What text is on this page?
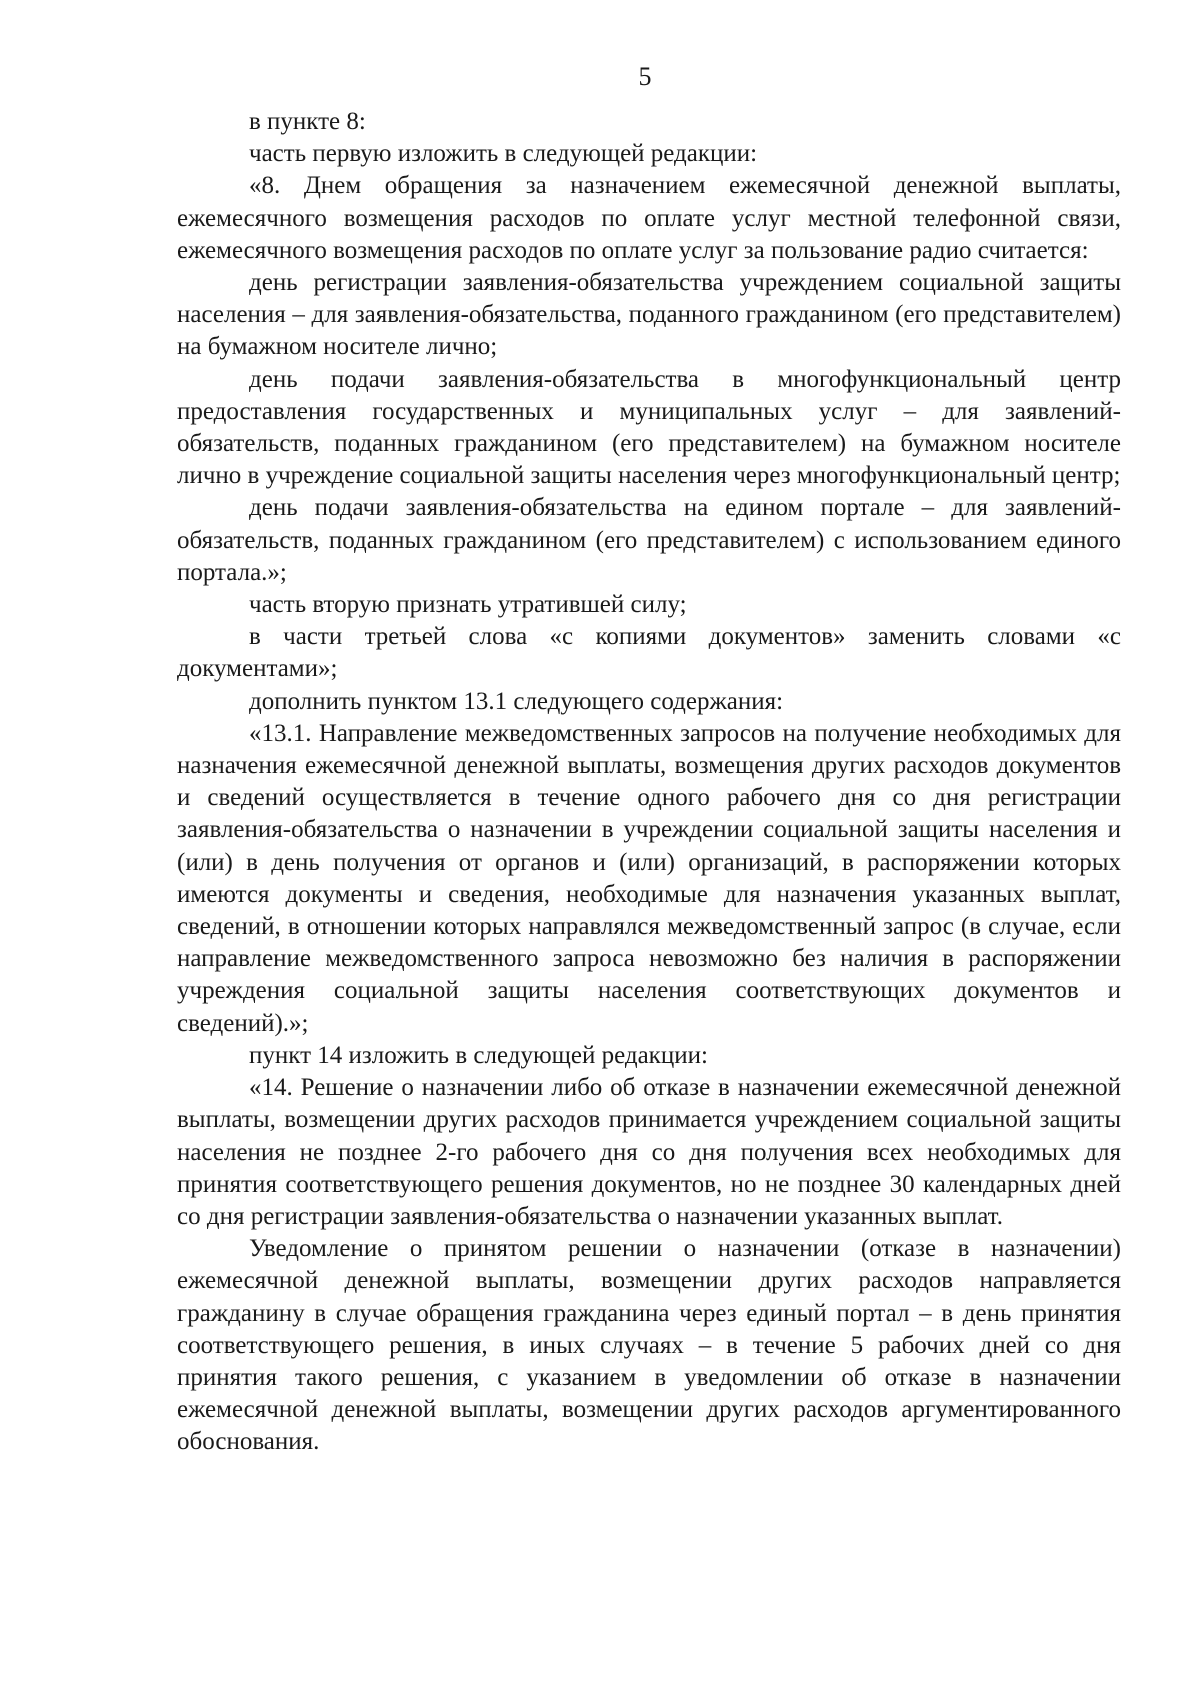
5

в пункте 8:

часть первую изложить в следующей редакции:

«8. Днем обращения за назначением ежемесячной денежной выплаты, ежемесячного возмещения расходов по оплате услуг местной телефонной связи, ежемесячного возмещения расходов по оплате услуг за пользование радио считается:

день регистрации заявления-обязательства учреждением социальной защиты населения – для заявления-обязательства, поданного гражданином (его представителем) на бумажном носителе лично;

день подачи заявления-обязательства в многофункциональный центр предоставления государственных и муниципальных услуг – для заявлений-обязательств, поданных гражданином (его представителем) на бумажном носителе лично в учреждение социальной защиты населения через многофункциональный центр;

день подачи заявления-обязательства на едином портале – для заявлений-обязательств, поданных гражданином (его представителем) с использованием единого портала.»;

часть вторую признать утратившей силу;

в части третьей слова «с копиями документов» заменить словами «с документами»;

дополнить пунктом 13.1 следующего содержания:

«13.1. Направление межведомственных запросов на получение необходимых для назначения ежемесячной денежной выплаты, возмещения других расходов документов и сведений осуществляется в течение одного рабочего дня со дня регистрации заявления-обязательства о назначении в учреждении социальной защиты населения и (или) в день получения от органов и (или) организаций, в распоряжении которых имеются документы и сведения, необходимые для назначения указанных выплат, сведений, в отношении которых направлялся межведомственный запрос (в случае, если направление межведомственного запроса невозможно без наличия в распоряжении учреждения социальной защиты населения соответствующих документов и сведений).»;

пункт 14 изложить в следующей редакции:

«14. Решение о назначении либо об отказе в назначении ежемесячной денежной выплаты, возмещении других расходов принимается учреждением социальной защиты населения не позднее 2-го рабочего дня со дня получения всех необходимых для принятия соответствующего решения документов, но не позднее 30 календарных дней со дня регистрации заявления-обязательства о назначении указанных выплат.

Уведомление о принятом решении о назначении (отказе в назначении) ежемесячной денежной выплаты, возмещении других расходов направляется гражданину в случае обращения гражданина через единый портал – в день принятия соответствующего решения, в иных случаях – в течение 5 рабочих дней со дня принятия такого решения, с указанием в уведомлении об отказе в назначении ежемесячной денежной выплаты, возмещении других расходов аргументированного обоснования.
